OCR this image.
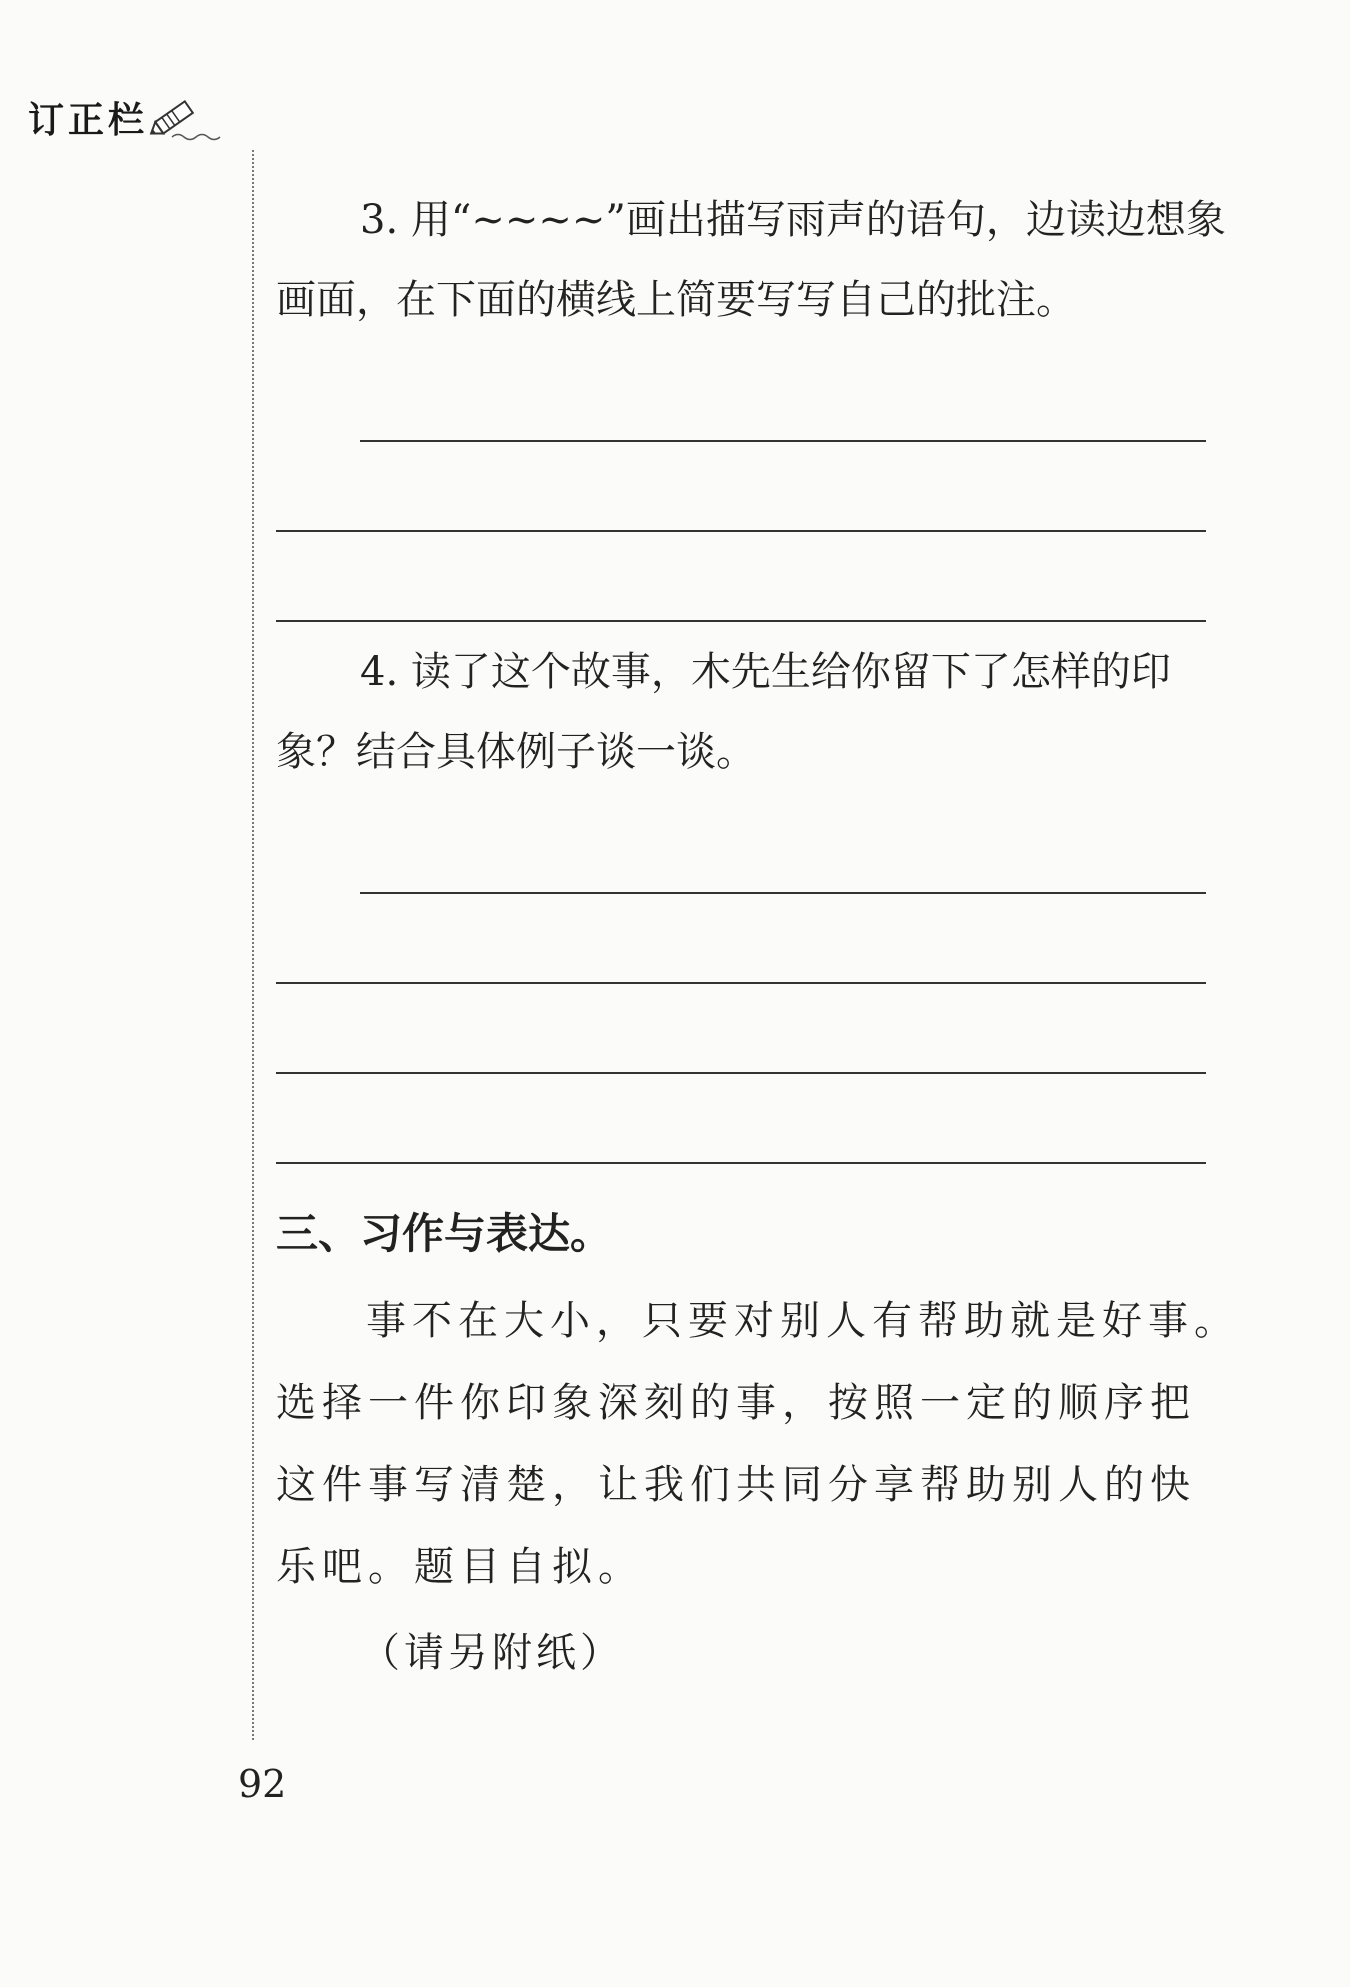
订正栏

3. 用“~~~~”画出描写雨声的语句，边读边想象

画面，在下面的横线上简要写写自己的批注。

4. 读了这个故事，木先生给你留下了怎样的印

象？结合具体例子谈一谈。

三、习作与表达。
事不在大小，只要对别人有帮助就是好事。
选择一件你印象深刻的事，按照一定的顺序把
这件事写清楚，让我们共同分享帮助别人的快
乐吧。题目自拟。
（请另附纸）
92
